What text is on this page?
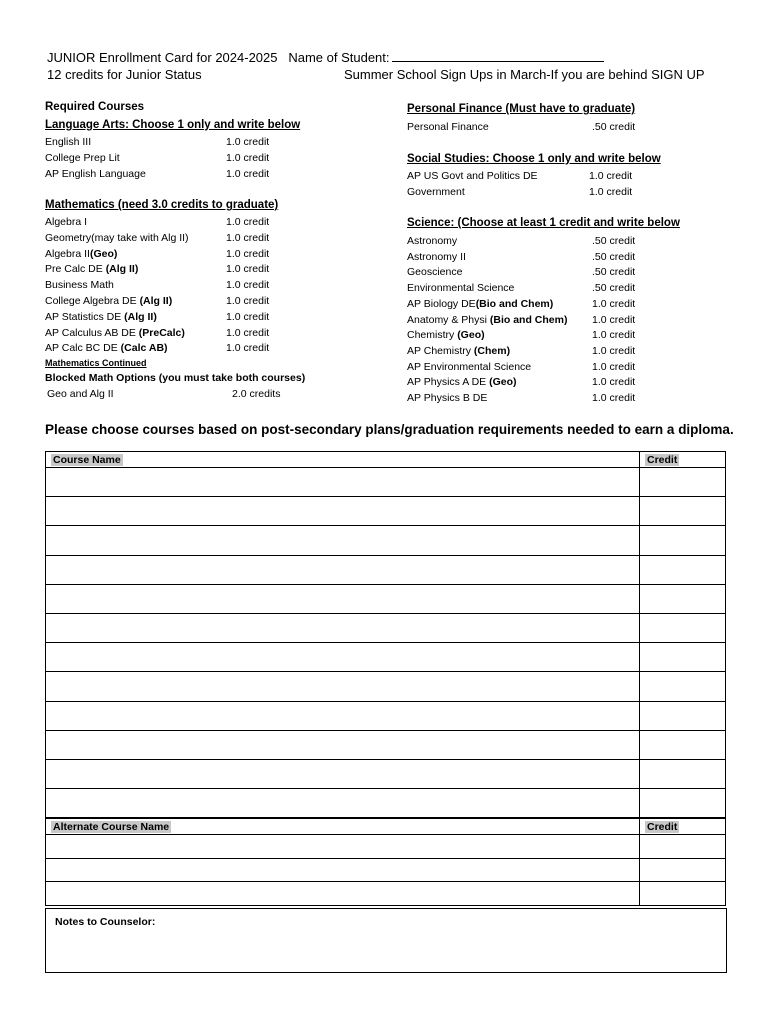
JUNIOR Enrollment Card for 2024-2025 Name of Student:
12 credits for Junior Status	Summer School Sign Ups in March-If you are behind SIGN UP
Required Courses
Language Arts: Choose 1 only and write below
English III	1.0 credit
College Prep Lit	1.0 credit
AP English Language	1.0 credit
Mathematics (need 3.0 credits to graduate)
Algebra I	1.0 credit
Geometry(may take with Alg II)	1.0 credit
Algebra II(Geo)	1.0 credit
Pre Calc DE (Alg II)	1.0 credit
Business Math	1.0 credit
College Algebra DE (Alg II)	1.0 credit
AP Statistics DE (Alg II)	1.0 credit
AP Calculus AB DE (PreCalc)	1.0 credit
AP Calc BC DE (Calc AB)	1.0 credit
Mathematics Continued
Blocked Math Options (you must take both courses)
Geo and Alg II	2.0 credits
Personal Finance (Must have to graduate)
Personal Finance	.50 credit
Social Studies: Choose 1 only and write below
AP US Govt and Politics DE	1.0 credit
Government	1.0 credit
Science: (Choose at least 1 credit and write below
Astronomy	.50 credit
Astronomy II	.50 credit
Geoscience	.50 credit
Environmental Science	.50 credit
AP Biology DE(Bio and Chem)	1.0 credit
Anatomy & Physi (Bio and Chem) 1.0 credit
Chemistry (Geo)	1.0 credit
AP Chemistry (Chem)	1.0 credit
AP Environmental Science	1.0 credit
AP Physics A DE (Geo)	1.0 credit
AP Physics B DE	1.0 credit
Please choose courses based on post-secondary plans/graduation requirements needed to earn a diploma.
Course Name	Credit

Alternate Course Name	Credit

Notes to Counselor:
